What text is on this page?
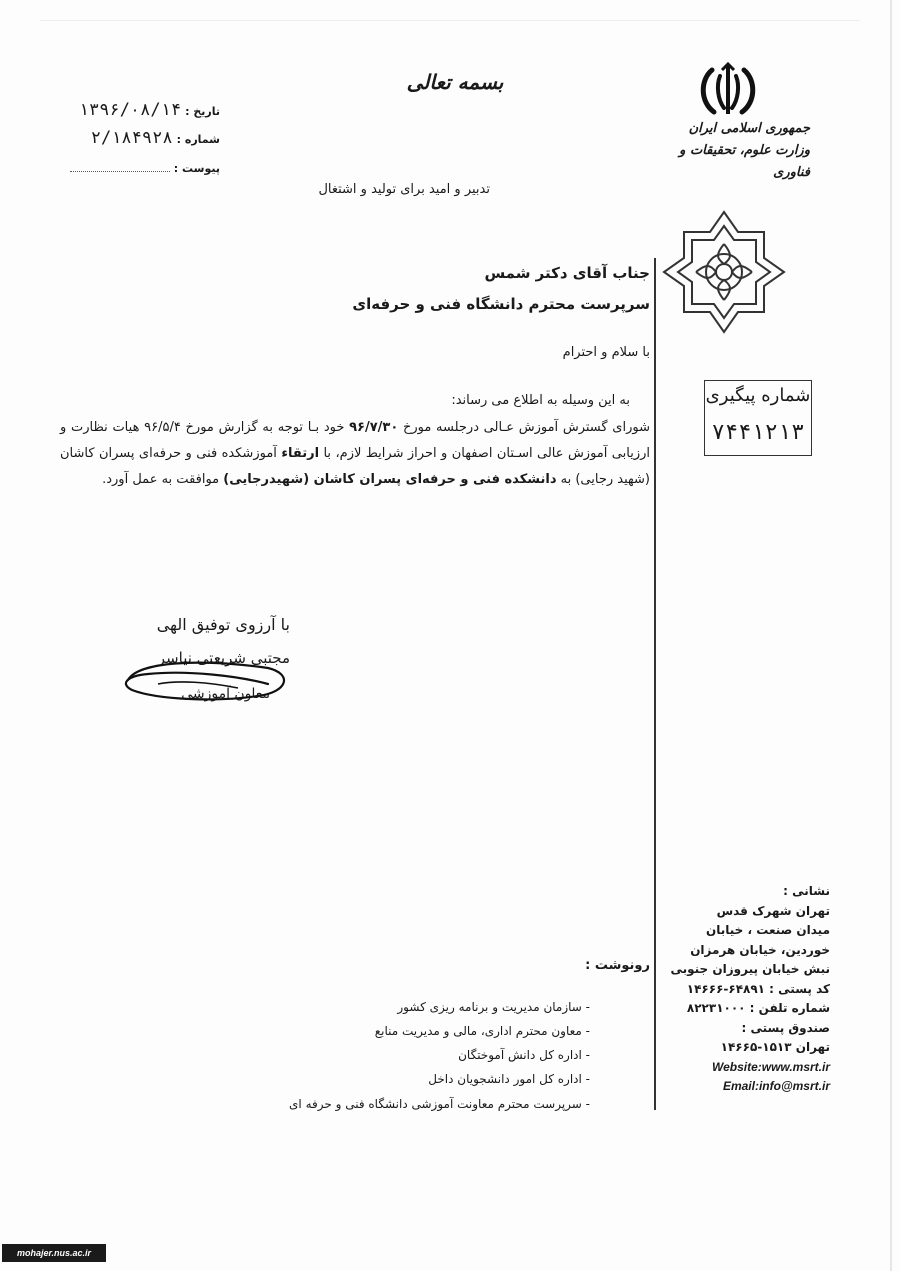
بسمه تعالی
جمهوری اسلامی ایران
وزارت علوم، تحقیقات و فناوری
تاریخ :۱۳۹۶/۰۸/۱۴
شماره :۲/۱۸۴۹۲۸
پیوست :
تدبیر و امید برای تولید و اشتغال
شماره پیگیری
۷۴۴۱۲۱۳
جناب آقای دکتر شمس
سرپرست محترم دانشگاه فنی و حرفه‌ای
با سلام و احترام
به این وسیله به اطلاع می رساند:
شورای گسترش آموزش عـالی درجلسه مورخ ۹۶/۷/۳۰ خود بـا توجه به گزارش مورخ ۹۶/۵/۴ هیات نظارت و ارزیابی آموزش عالی اسـتان اصفهان و احراز شرایط لازم، با ارتقاء آموزشکده فنی و حرفه‌ای پسران کاشان (شهید رجایی) به دانشکده فنی و حرفه‌ای پسران کاشان (شهیدرجایی) موافقت به عمل آورد.
با آرزوی توفیق الهی
مجتبی شریعتی نیاسر
معاون آموزشی
نشانی :
تهران شهرک قدس
میدان صنعت ، خیابان
خوردین، خیابان هرمزان
نبش خیابان پیروزان جنوبی
کد پستی : ۶۴۸۹۱-۱۴۶۶۶
شماره تلفن : ۸۲۲۳۱۰۰۰
صندوق پستی :
تهران ۱۵۱۳-۱۴۶۶۵
Website:www.msrt.ir
Email:info@msrt.ir
رونوشت :
- سازمان مدیریت و برنامه ریزی کشور
- معاون محترم اداری، مالی و مدیریت منابع
- اداره کل دانش آموختگان
- اداره کل امور دانشجویان داخل
- سرپرست محترم معاونت آموزشی دانشگاه فنی و حرفه ای
mohajer.nus.ac.ir
